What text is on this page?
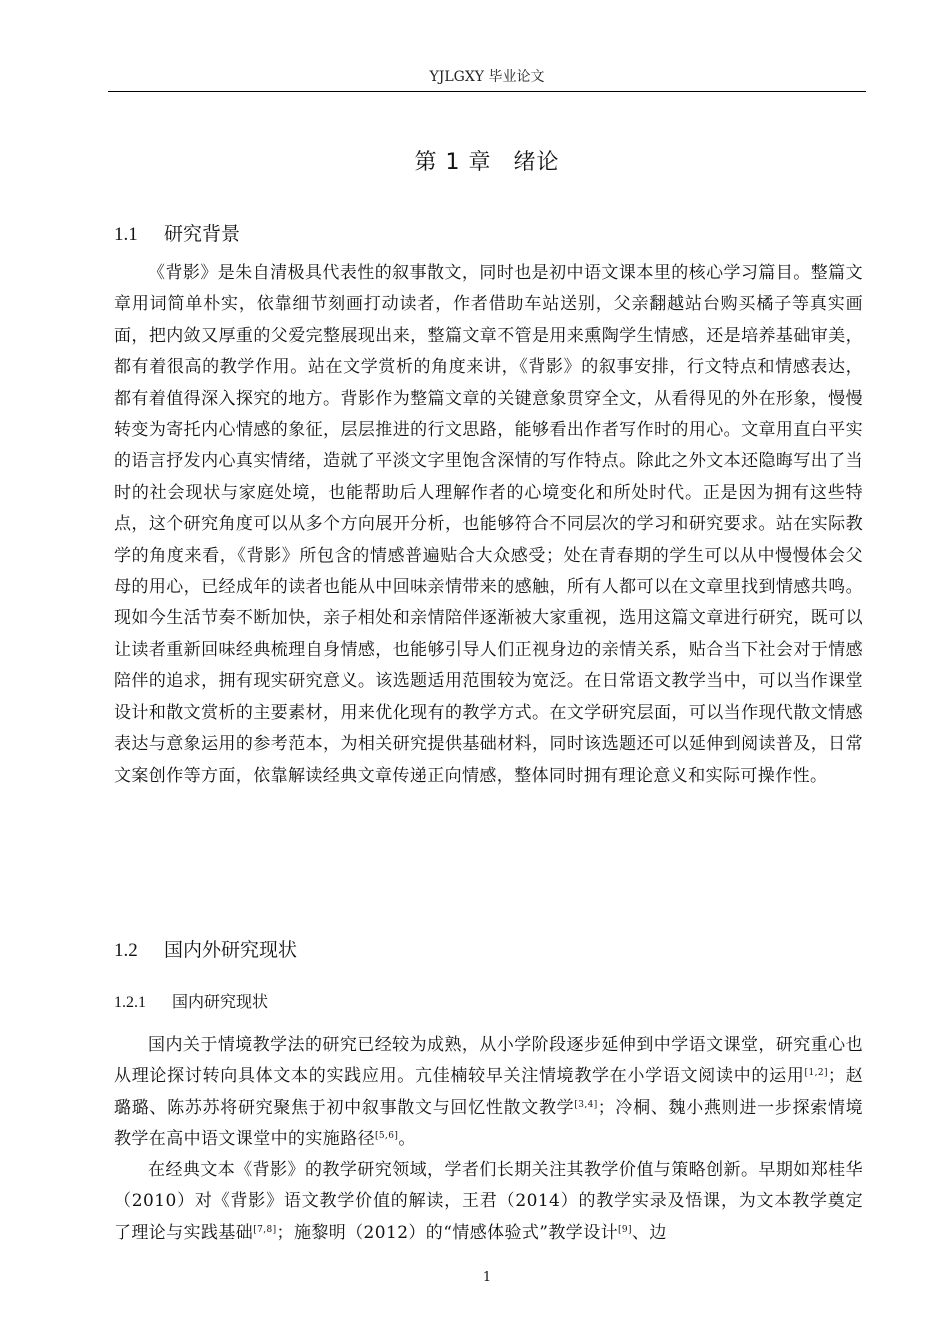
YJLGXY 毕业论文
第 1 章 绪论
1.1 研究背景

《背影》是朱自清极具代表性的叙事散文，同时也是初中语文课本里的核心学习篇目。整篇文章用词简单朴实，依靠细节刻画打动读者，作者借助车站送别，父亲翻越站台购买橘子等真实画面，把内敛又厚重的父爱完整展现出来，整篇文章不管是用来熏陶学生情感，还是培养基础审美，都有着很高的教学作用。站在文学赏析的角度来讲，《背影》的叙事安排，行文特点和情感表达，都有着值得深入探究的地方。背影作为整篇文章的关键意象贯穿全文，从看得见的外在形象，慢慢转变为寄托内心情感的象征，层层推进的行文思路，能够看出作者写作时的用心。文章用直白平实的语言抒发内心真实情绪，造就了平淡文字里饱含深情的写作特点。除此之外文本还隐晦写出了当时的社会现状与家庭处境，也能帮助后人理解作者的心境变化和所处时代。正是因为拥有这些特点，这个研究角度可以从多个方向展开分析，也能够符合不同层次的学习和研究要求。站在实际教学的角度来看，《背影》所包含的情感普遍贴合大众感受；处在青春期的学生可以从中慢慢体会父母的用心，已经成年的读者也能从中回味亲情带来的感触，所有人都可以在文章里找到情感共鸣。现如今生活节奏不断加快，亲子相处和亲情陪伴逐渐被大家重视，选用这篇文章进行研究，既可以让读者重新回味经典梳理自身情感，也能够引导人们正视身边的亲情关系，贴合当下社会对于情感陪伴的追求，拥有现实研究意义。该选题适用范围较为宽泛。在日常语文教学当中，可以当作课堂设计和散文赏析的主要素材，用来优化现有的教学方式。在文学研究层面，可以当作现代散文情感表达与意象运用的参考范本，为相关研究提供基础材料，同时该选题还可以延伸到阅读普及，日常文案创作等方面，依靠解读经典文章传递正向情感，整体同时拥有理论意义和实际可操作性。

1.2 国内外研究现状
1.2.1 国内研究现状

国内关于情境教学法的研究已经较为成熟，从小学阶段逐步延伸到中学语文课堂，研究重心也从理论探讨转向具体文本的实践应用。亢佳楠较早关注情境教学在小学语文阅读中的运用[1,2]；赵璐璐、陈苏苏将研究聚焦于初中叙事散文与回忆性散文教学[3,4]；冷桐、魏小燕则进一步探索情境教学在高中语文课堂中的实施路径[5,6]。

在经典文本《背影》的教学研究领域，学者们长期关注其教学价值与策略创新。早期如郑桂华（2010）对《背影》语文教学价值的解读，王君（2014）的教学实录及悟课，为文本教学奠定了理论与实践基础[7,8]；施黎明（2012）的“情感体验式”教学设计[9]、边

1
